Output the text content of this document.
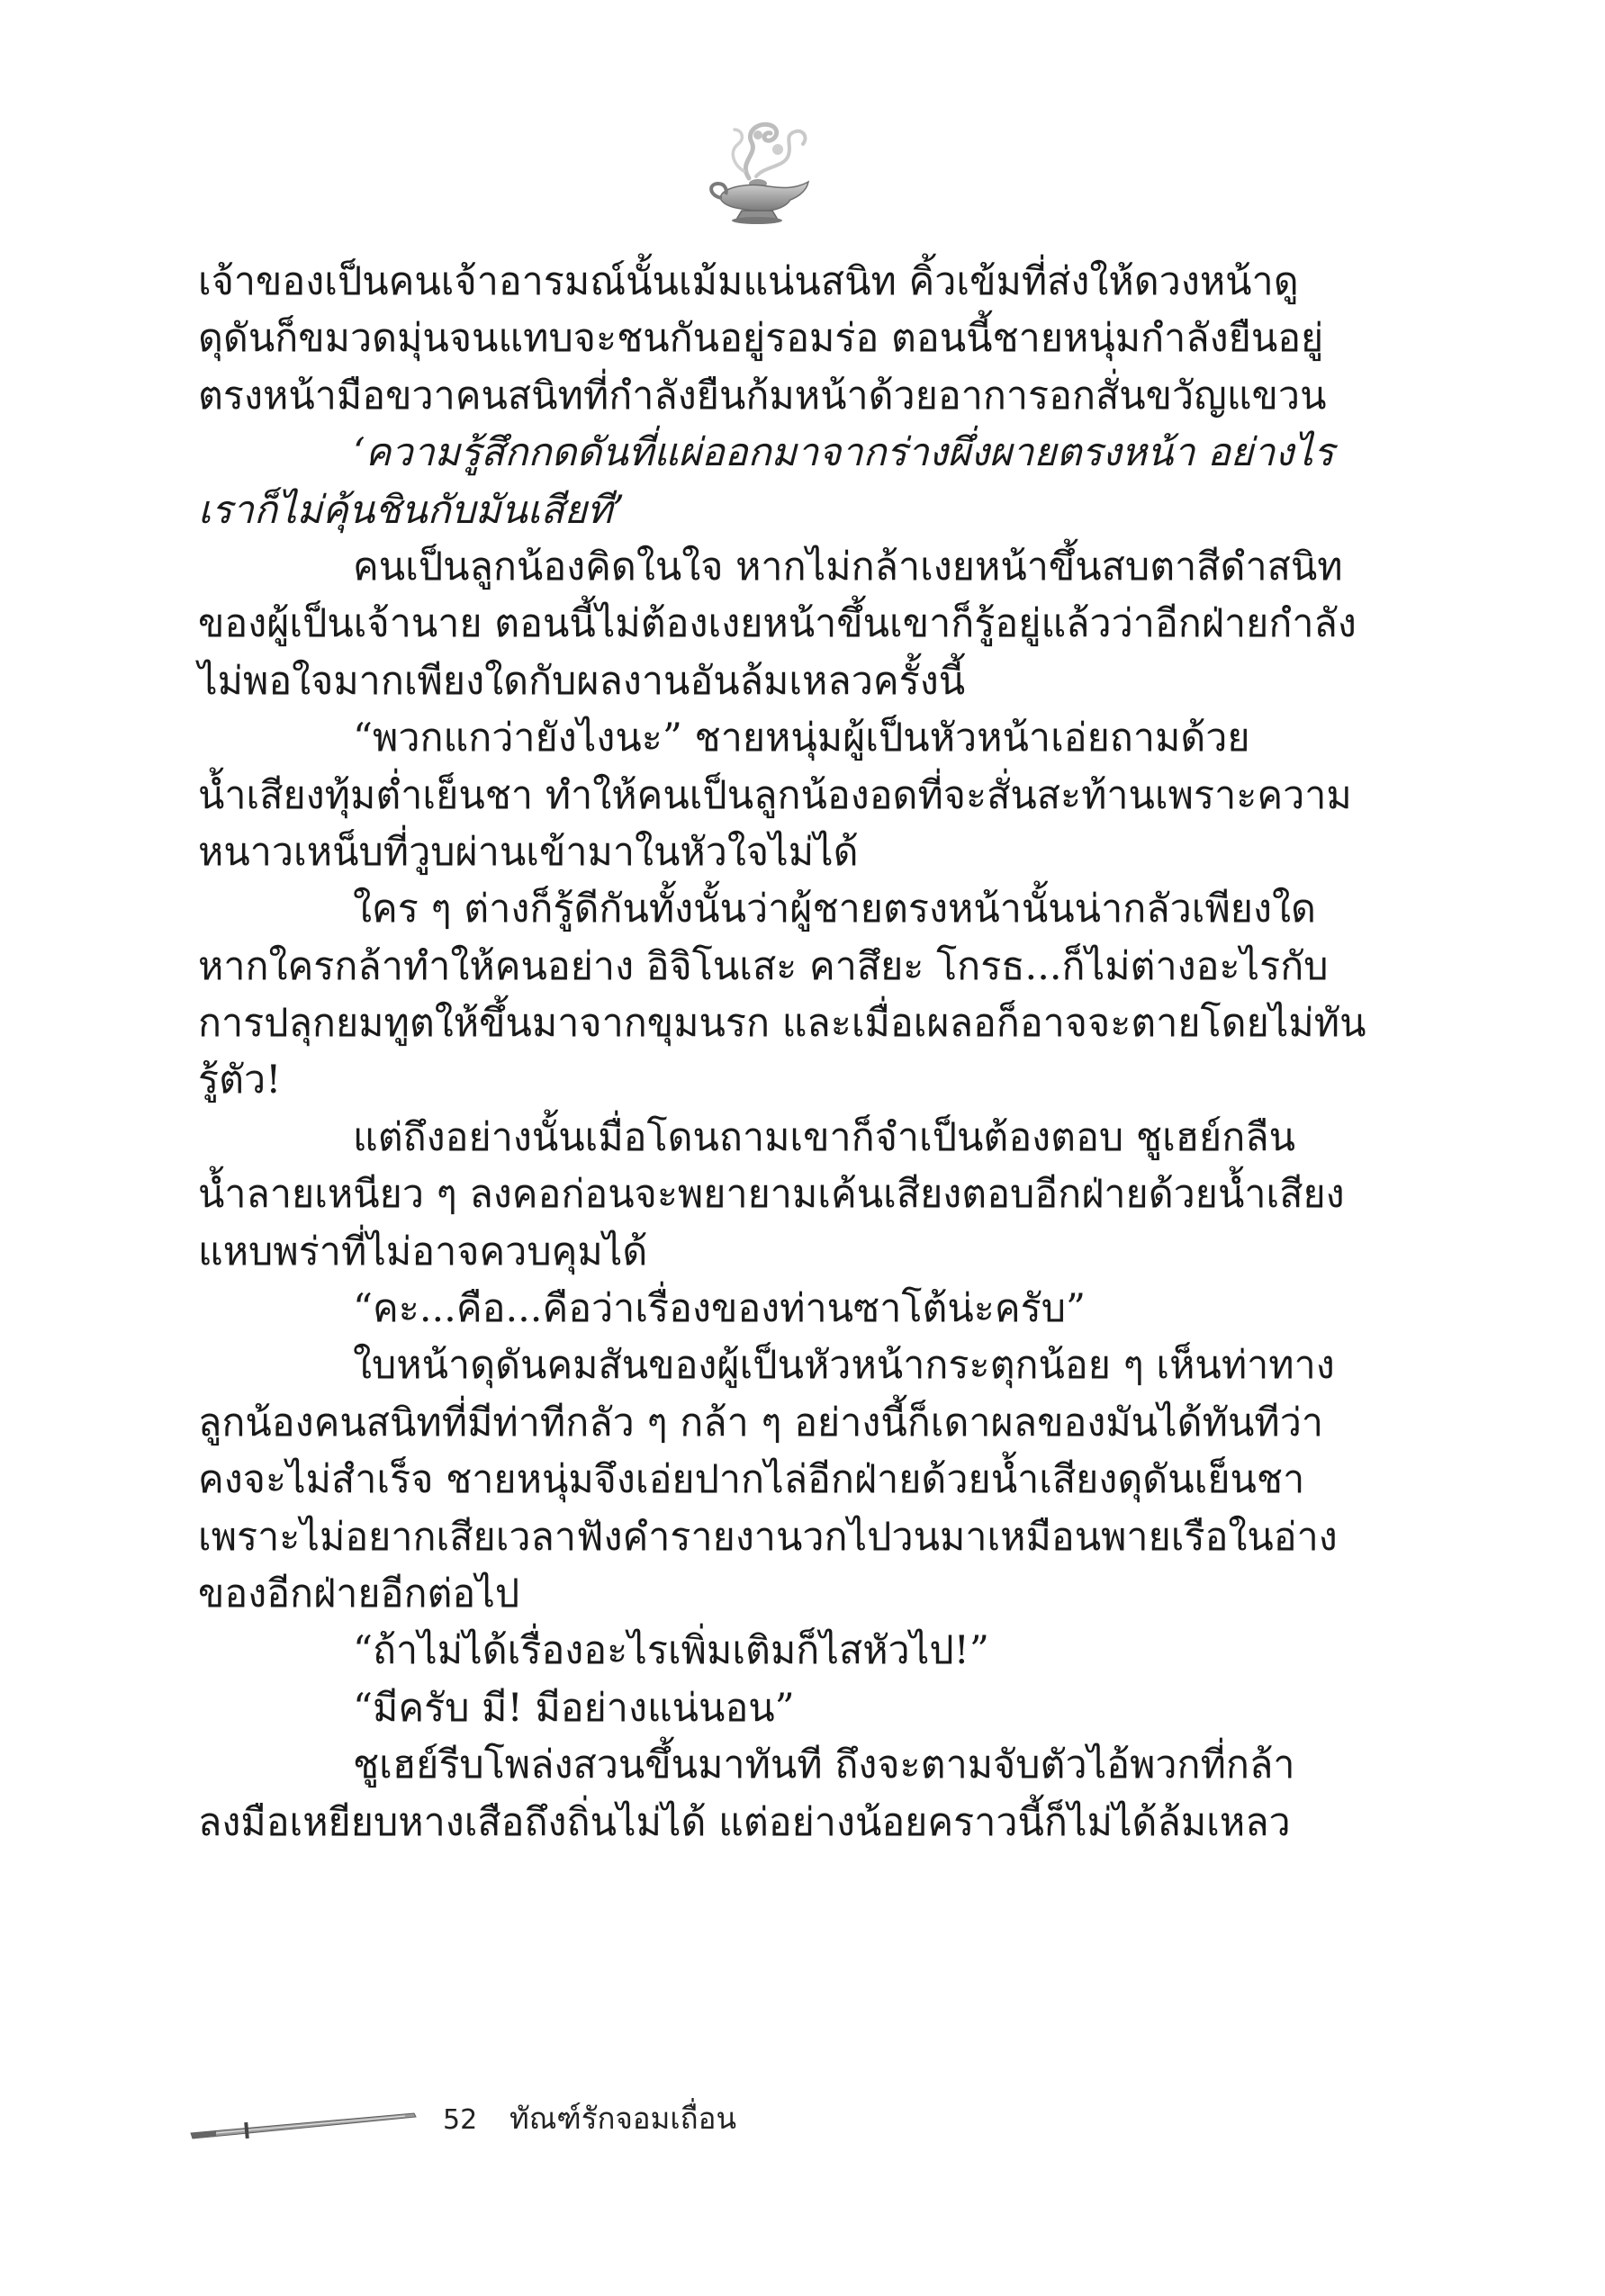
เจ้าของเป็นคนเจ้าอารมณ์นั้นเม้มแน่นสนิท คิ้วเข้มที่ส่งให้ดวงหน้าดู
ดุดันก็ขมวดมุ่นจนแทบจะชนกันอยู่รอมร่อ ตอนนี้ชายหนุ่มกำลังยืนอยู่
ตรงหน้ามือขวาคนสนิทที่กำลังยืนก้มหน้าด้วยอาการอกสั่นขวัญแขวน
‘ความรู้สึกกดดันที่แผ่ออกมาจากร่างผึ่งผายตรงหน้า อย่างไร
เราก็ไม่คุ้นชินกับมันเสียที’
คนเป็นลูกน้องคิดในใจ หากไม่กล้าเงยหน้าขึ้นสบตาสีดำสนิท
ของผู้เป็นเจ้านาย ตอนนี้ไม่ต้องเงยหน้าขึ้นเขาก็รู้อยู่แล้วว่าอีกฝ่ายกำลัง
ไม่พอใจมากเพียงใดกับผลงานอันล้มเหลวครั้งนี้
“พวกแกว่ายังไงนะ” ชายหนุ่มผู้เป็นหัวหน้าเอ่ยถามด้วย
น้ำเสียงทุ้มต่ำเย็นชา ทำให้คนเป็นลูกน้องอดที่จะสั่นสะท้านเพราะความ
หนาวเหน็บที่วูบผ่านเข้ามาในหัวใจไม่ได้
ใคร ๆ ต่างก็รู้ดีกันทั้งนั้นว่าผู้ชายตรงหน้านั้นน่ากลัวเพียงใด
หากใครกล้าทำให้คนอย่าง อิจิโนเสะ คาสึยะ โกรธ...ก็ไม่ต่างอะไรกับ
การปลุกยมทูตให้ขึ้นมาจากขุมนรก และเมื่อเผลอก็อาจจะตายโดยไม่ทัน
รู้ตัว!
แต่ถึงอย่างนั้นเมื่อโดนถามเขาก็จำเป็นต้องตอบ ชูเฮย์กลืน
น้ำลายเหนียว ๆ ลงคอก่อนจะพยายามเค้นเสียงตอบอีกฝ่ายด้วยน้ำเสียง
แหบพร่าที่ไม่อาจควบคุมได้
“คะ...คือ...คือว่าเรื่องของท่านซาโต้น่ะครับ”
ใบหน้าดุดันคมสันของผู้เป็นหัวหน้ากระตุกน้อย ๆ เห็นท่าทาง
ลูกน้องคนสนิทที่มีท่าทีกลัว ๆ กล้า ๆ อย่างนี้ก็เดาผลของมันได้ทันทีว่า
คงจะไม่สำเร็จ ชายหนุ่มจึงเอ่ยปากไล่อีกฝ่ายด้วยน้ำเสียงดุดันเย็นชา
เพราะไม่อยากเสียเวลาฟังคำรายงานวกไปวนมาเหมือนพายเรือในอ่าง
ของอีกฝ่ายอีกต่อไป
“ถ้าไม่ได้เรื่องอะไรเพิ่มเติมก็ไสหัวไป!”
“มีครับ มี! มีอย่างแน่นอน”
ชูเฮย์รีบโพล่งสวนขึ้นมาทันที ถึงจะตามจับตัวไอ้พวกที่กล้า
ลงมือเหยียบหางเสือถึงถิ่นไม่ได้ แต่อย่างน้อยคราวนี้ก็ไม่ได้ล้มเหลว
52 ทัณฑ์รักจอมเถื่อน
